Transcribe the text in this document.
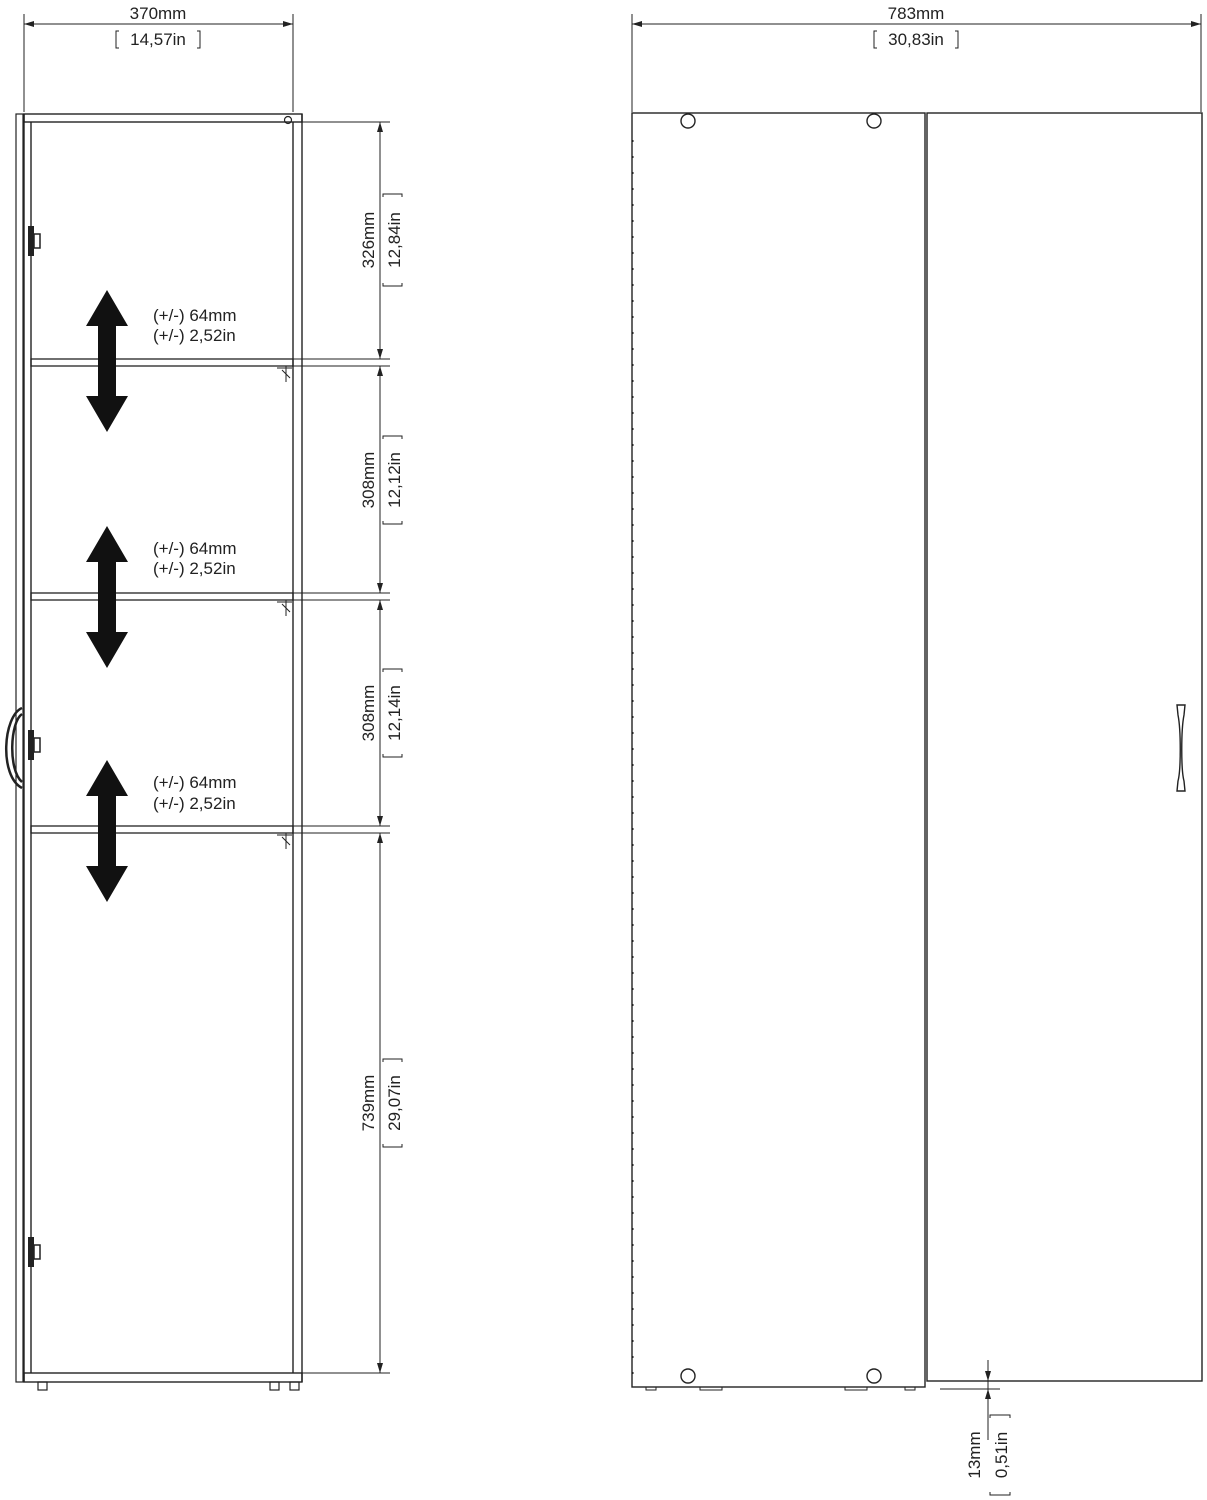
370mm
14,57in
326mm 12,84in
308mm 12,12in
308mm 12,14in
739mm 29,07in
(+/-) 64mm
(+/-) 2,52in
(+/-) 64mm
(+/-) 2,52in
(+/-) 64mm
(+/-) 2,52in
783mm
30,83in
13mm 0,51in
